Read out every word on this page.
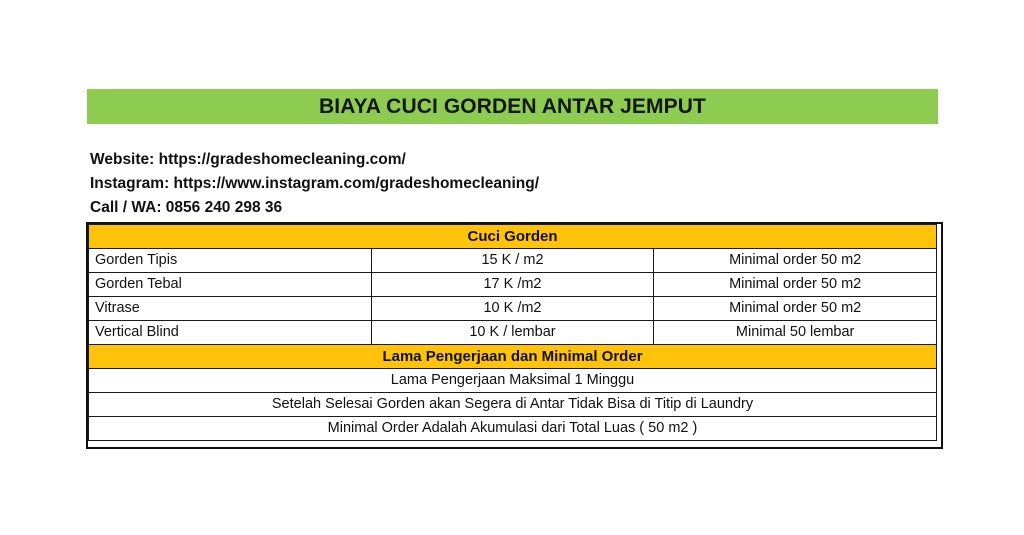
BIAYA CUCI GORDEN ANTAR JEMPUT
Website: https://gradeshomecleaning.com/
Instagram: https://www.instagram.com/gradeshomecleaning/
Call / WA: 0856 240 298 36
Cuci Gorden		
Gorden Tipis	15 K / m2	Minimal order 50 m2
Gorden Tebal	17 K /m2	Minimal order 50 m2
Vitrase	10 K /m2	Minimal order 50 m2
Vertical Blind	10 K / lembar	Minimal 50 lembar
Lama Pengerjaan dan Minimal Order		
Lama Pengerjaan Maksimal 1 Minggu		
Setelah Selesai Gorden akan Segera di Antar Tidak Bisa di Titip di Laundry		
Minimal Order Adalah Akumulasi dari Total Luas ( 50 m2 )		
